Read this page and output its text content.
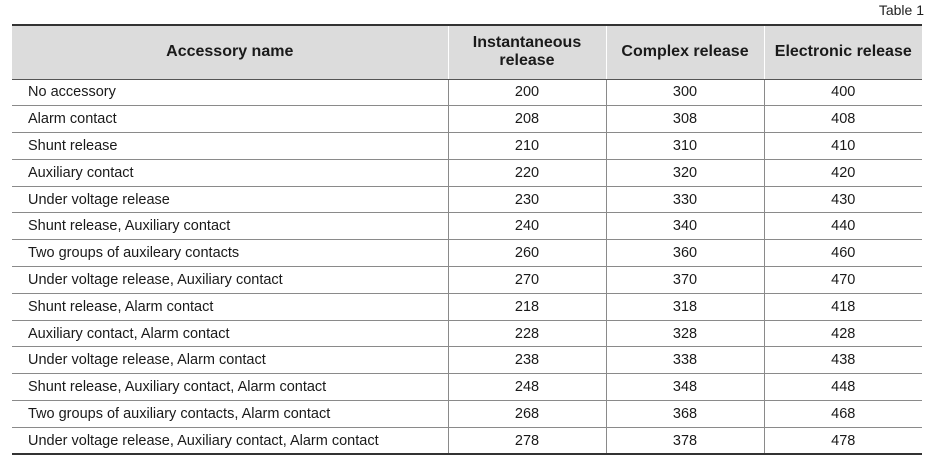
Table 1
Accessory name	Instantaneous release	Complex release	Electronic release
No accessory	200	300	400
Alarm contact	208	308	408
Shunt release	210	310	410
Auxiliary contact	220	320	420
Under voltage release	230	330	430
Shunt release, Auxiliary contact	240	340	440
Two groups of auxileary contacts	260	360	460
Under voltage release, Auxiliary contact	270	370	470
Shunt release, Alarm contact	218	318	418
Auxiliary contact, Alarm contact	228	328	428
Under voltage release, Alarm contact	238	338	438
Shunt release, Auxiliary contact, Alarm contact	248	348	448
Two groups of auxiliary contacts, Alarm contact	268	368	468
Under voltage release, Auxiliary contact, Alarm contact	278	378	478
